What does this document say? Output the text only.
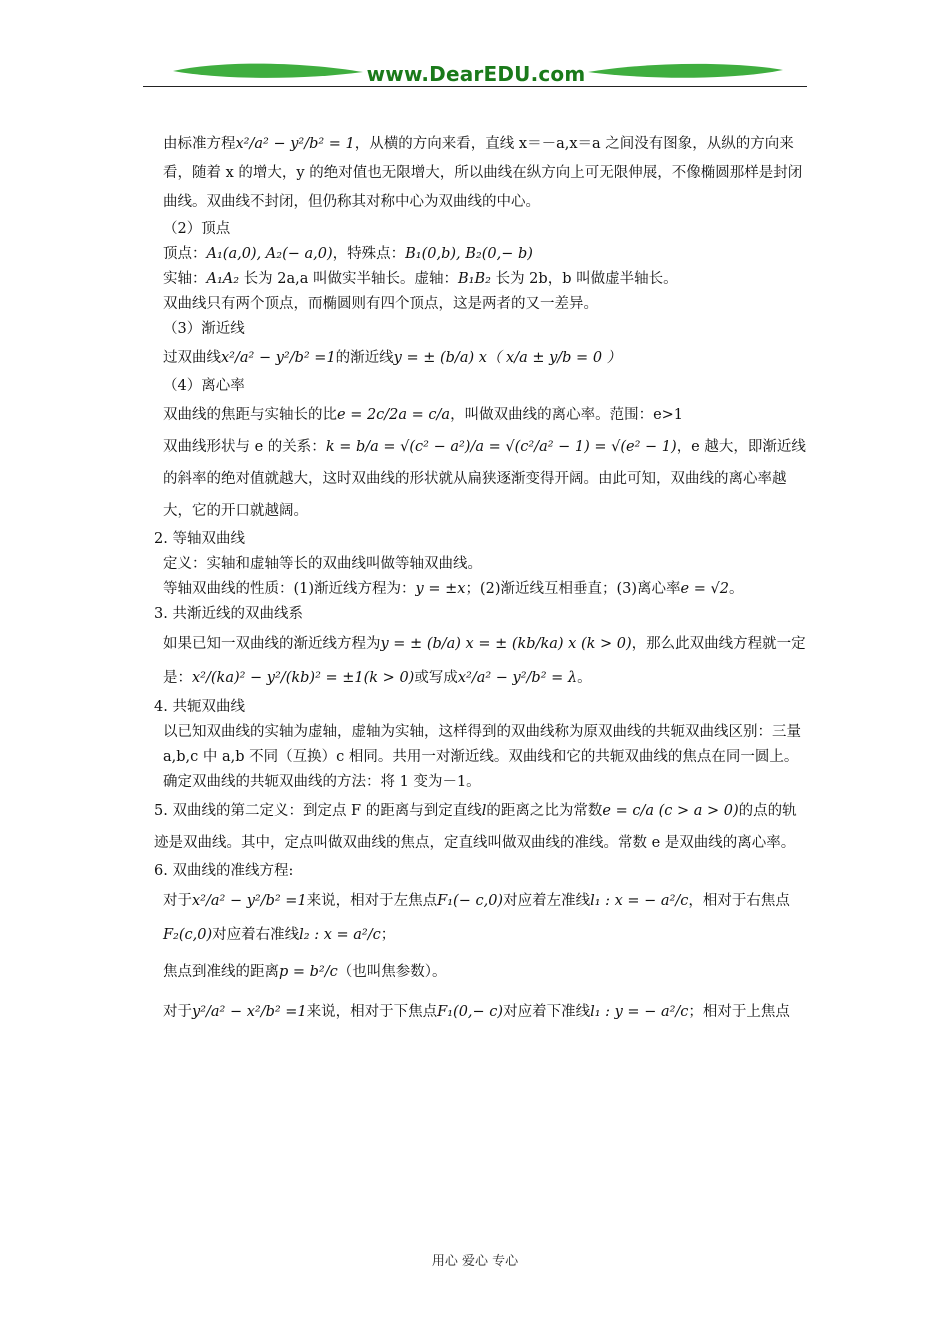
www.DearEDU.com

由标准方程x²/a² − y²/b² = 1，从横的方向来看，直线 x＝－a,x＝a 之间没有图象，从纵的方向来看，随着 x 的增大，y 的绝对值也无限增大，所以曲线在纵方向上可无限伸展，不像椭圆那样是封闭曲线。双曲线不封闭，但仍称其对称中心为双曲线的中心。

（2）顶点

顶点：A₁(a,0), A₂(− a,0)，特殊点：B₁(0,b), B₂(0,− b)

实轴：A₁A₂ 长为 2a,a 叫做实半轴长。虚轴：B₁B₂ 长为 2b，b 叫做虚半轴长。

双曲线只有两个顶点，而椭圆则有四个顶点，这是两者的又一差异。

（3）渐近线

过双曲线x²/a² − y²/b² =1的渐近线y = ± (b/a) x（ x/a ± y/b = 0 ）

（4）离心率

双曲线的焦距与实轴长的比e = 2c/2a = c/a，叫做双曲线的离心率。范围：e>1

双曲线形状与 e 的关系：k = b/a = √(c² − a²)/a = √(c²/a² − 1) = √(e² − 1)，e 越大，即渐近线的斜率的绝对值就越大，这时双曲线的形状就从扁狭逐渐变得开阔。由此可知，双曲线的离心率越大，它的开口就越阔。

2. 等轴双曲线

定义：实轴和虚轴等长的双曲线叫做等轴双曲线。

等轴双曲线的性质：(1)渐近线方程为：y = ±x；(2)渐近线互相垂直；(3)离心率e = √2。

3. 共渐近线的双曲线系

如果已知一双曲线的渐近线方程为y = ± (b/a) x = ± (kb/ka) x (k > 0)，那么此双曲线方程就一定是：x²/(ka)² − y²/(kb)² = ±1(k > 0)或写成x²/a² − y²/b² = λ。

4. 共轭双曲线

以已知双曲线的实轴为虚轴，虚轴为实轴，这样得到的双曲线称为原双曲线的共轭双曲线区别：三量 a,b,c 中 a,b 不同（互换）c 相同。共用一对渐近线。双曲线和它的共轭双曲线的焦点在同一圆上。确定双曲线的共轭双曲线的方法：将 1 变为－1。

5. 双曲线的第二定义：到定点 F 的距离与到定直线l的距离之比为常数e = c/a (c > a > 0)的点的轨迹是双曲线。其中，定点叫做双曲线的焦点，定直线叫做双曲线的准线。常数 e 是双曲线的离心率。

6. 双曲线的准线方程:

对于x²/a² − y²/b² =1来说，相对于左焦点F₁(− c,0)对应着左准线l₁ : x = − a²/c，相对于右焦点F₂(c,0)对应着右准线l₂ : x = a²/c；

焦点到准线的距离p = b²/c（也叫焦参数）。

对于y²/a² − x²/b² =1来说，相对于下焦点F₁(0,− c)对应着下准线l₁ : y = − a²/c；相对于上焦点

用心 爱心 专心
